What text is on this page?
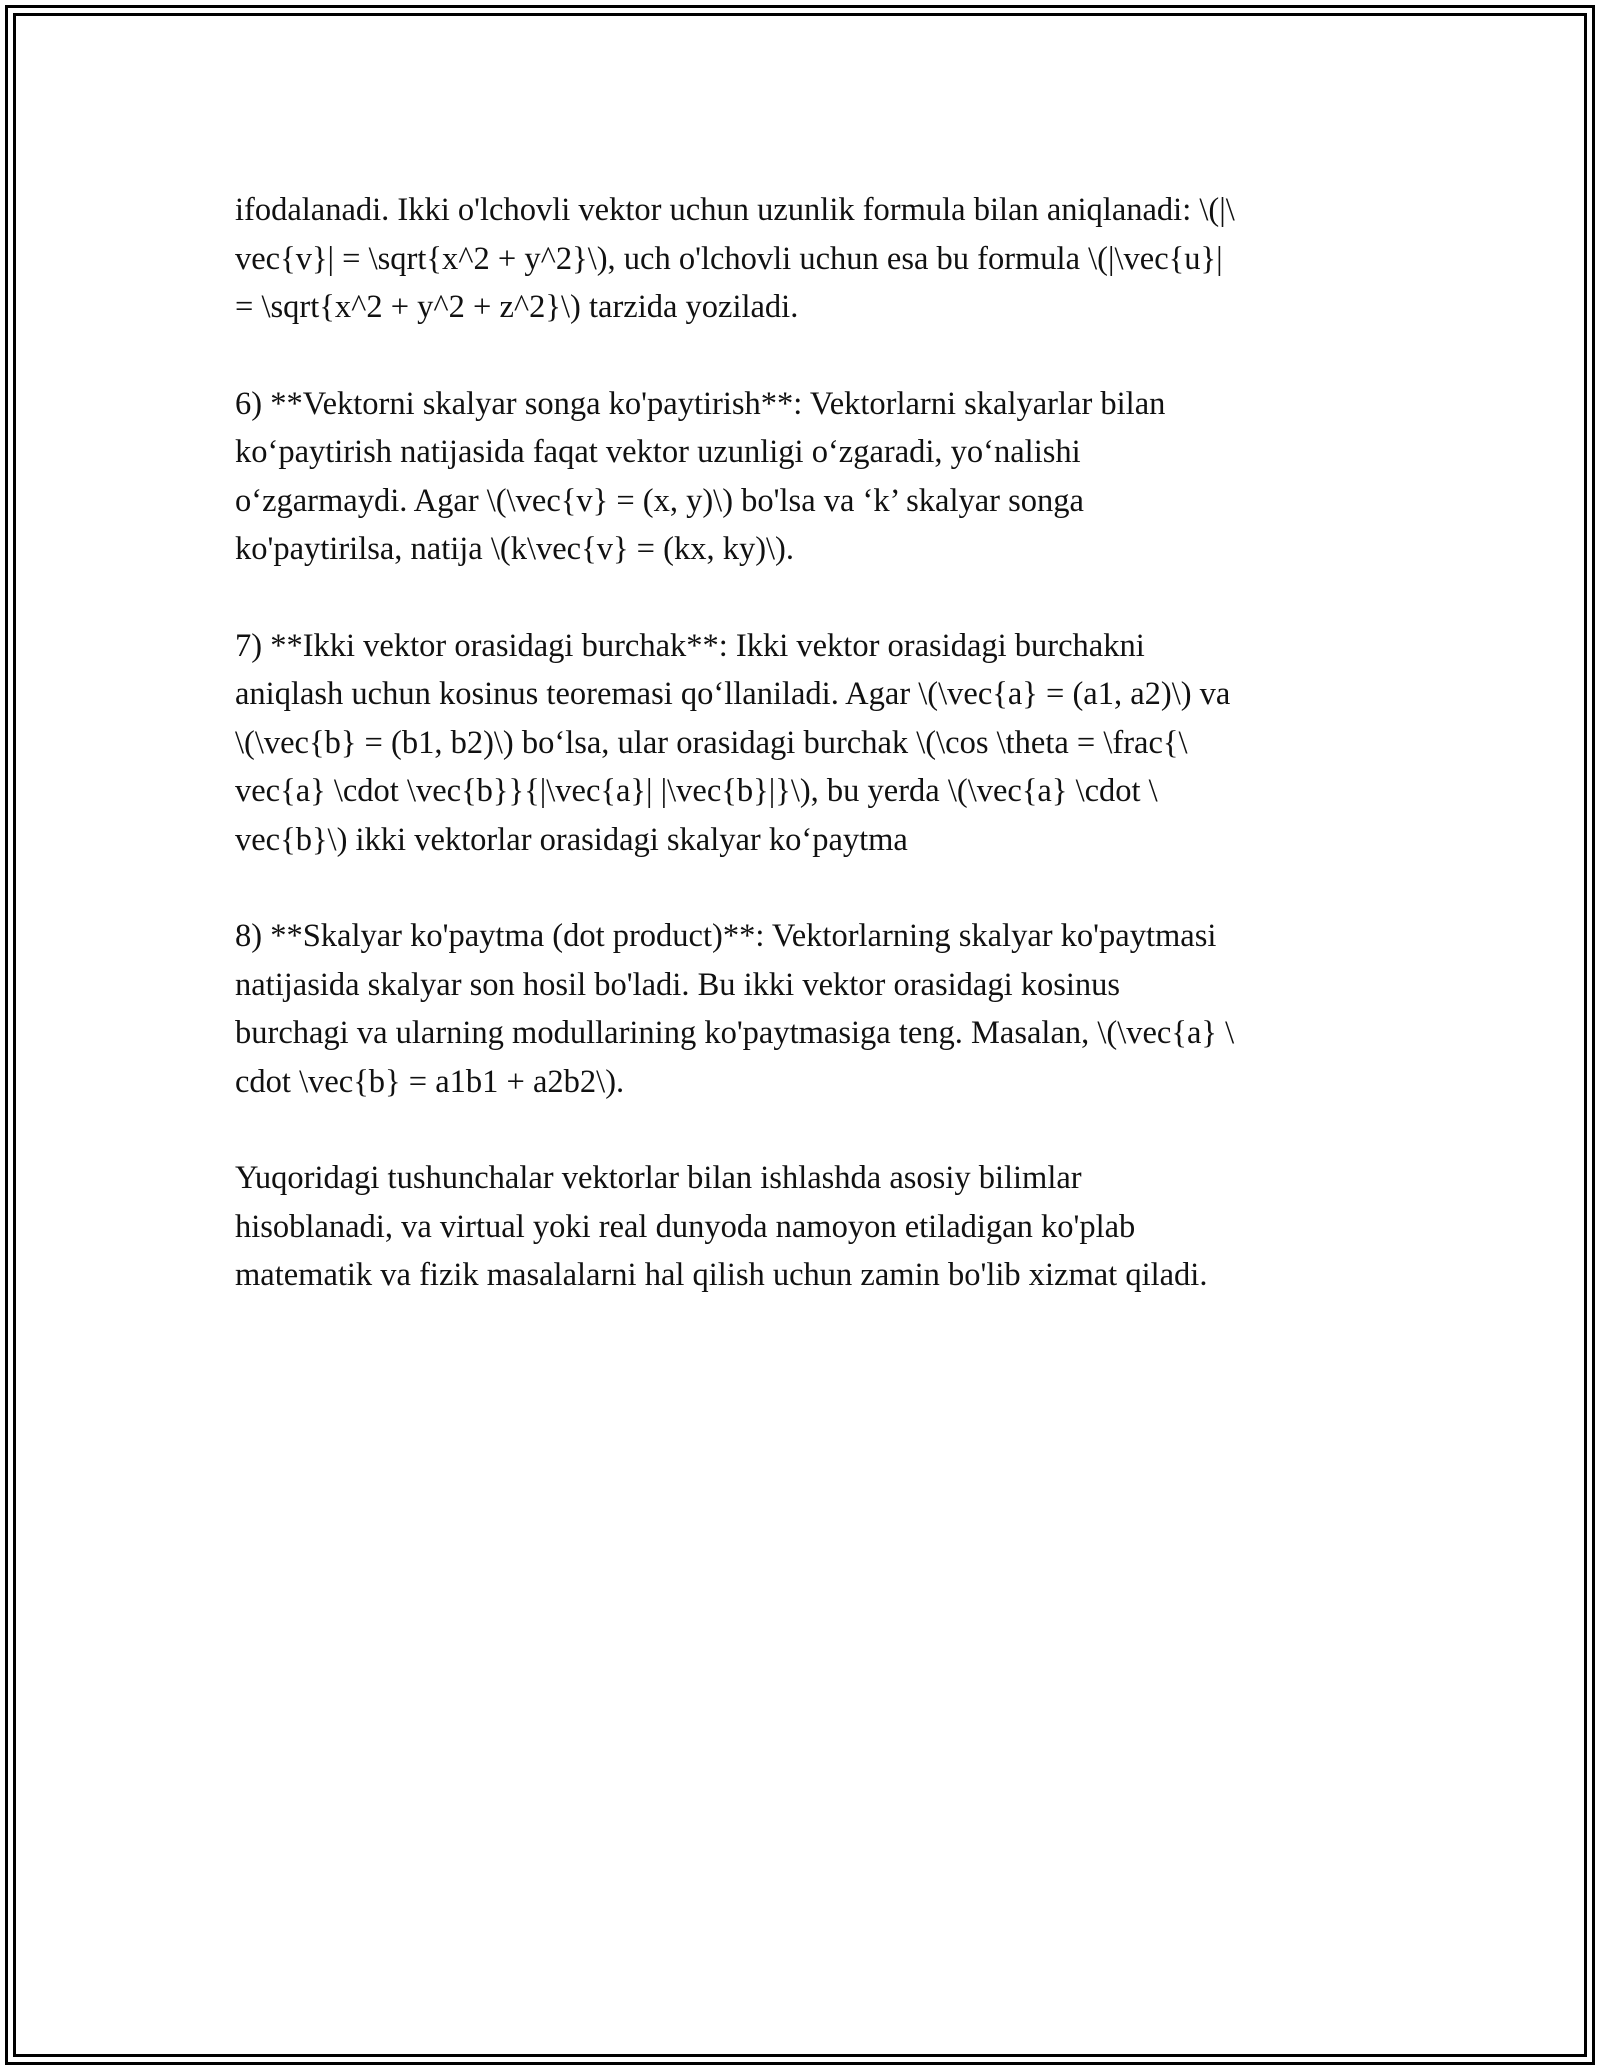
ifodalanadi. Ikki o'lchovli vektor uchun uzunlik formula bilan aniqlanadi: \(|\
vec{v}| = \sqrt{x^2 + y^2}\), uch o'lchovli uchun esa bu formula \(|\vec{u}|
= \sqrt{x^2 + y^2 + z^2}\) tarzida yoziladi.

6) **Vektorni skalyar songa ko'paytirish**: Vektorlarni skalyarlar bilan
ko‘paytirish natijasida faqat vektor uzunligi o‘zgaradi, yo‘nalishi
o‘zgarmaydi. Agar \(\vec{v} = (x, y)\) bo'lsa va ‘k’ skalyar songa
ko'paytirilsa, natija \(k\vec{v} = (kx, ky)\).

7) **Ikki vektor orasidagi burchak**: Ikki vektor orasidagi burchakni
aniqlash uchun kosinus teoremasi qo‘llaniladi. Agar \(\vec{a} = (a1, a2)\) va
\(\vec{b} = (b1, b2)\) bo‘lsa, ular orasidagi burchak \(\cos \theta = \frac{\
vec{a} \cdot \vec{b}}{|\vec{a}| |\vec{b}|}\), bu yerda \(\vec{a} \cdot \
vec{b}\) ikki vektorlar orasidagi skalyar ko‘paytma

8) **Skalyar ko'paytma (dot product)**: Vektorlarning skalyar ko'paytmasi
natijasida skalyar son hosil bo'ladi. Bu ikki vektor orasidagi kosinus
burchagi va ularning modullarining ko'paytmasiga teng. Masalan, \(\vec{a} \
cdot \vec{b} = a1b1 + a2b2\).

Yuqoridagi tushunchalar vektorlar bilan ishlashda asosiy bilimlar
hisoblanadi, va virtual yoki real dunyoda namoyon etiladigan ko'plab
matematik va fizik masalalarni hal qilish uchun zamin bo'lib xizmat qiladi.
